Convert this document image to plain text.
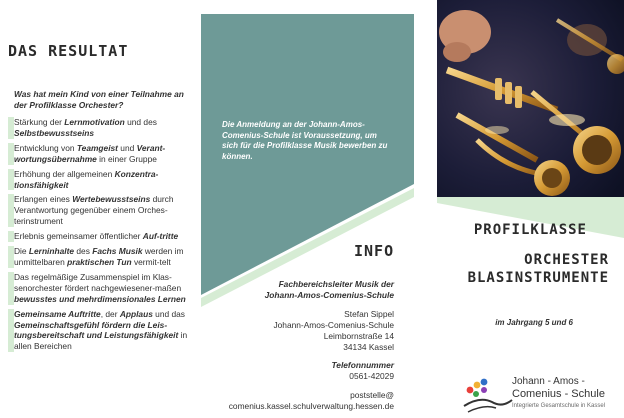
DAS RESULTAT
Was hat mein Kind von einer Teilnahme an
der Profilklasse Orchester?
Stärkung der Lernmotivation und des Selbstbewusstseins
Entwicklung von Teamgeist und Verant-wortungsübernahme in einer Gruppe
Erhöhung der allgemeinen Konzentra-tionsfähigkeit
Erlangen eines Wertebewusstseins durch Verantwortung gegenüber einem Orchesterinstrument
Erlebnis gemeinsamer öffentlicher Auf-tritte
Die Lerninhalte des Fachs Musik werden im unmittelbaren praktischen Tun vermit-telt
Das regelmäßige Zusammenspiel im Klas-senorchester fördert nachgewiesener-maßen bewusstes und mehrdimensionales Lernen
Gemeinsame Auftritte, der Applaus und das Gemeinschaftsgefühl fördern die Leis-tungsbereitschaft und Leistungsfähigkeit in allen Bereichen
Die Anmeldung an der Johann-Amos-Comenius-Schule ist Voraussetzung, um sich für die Profilklasse Musik bewerben zu können.
INFO
Fachbereichsleiter Musik der
Johann-Amos-Comenius-Schule
Stefan Sippel
Johann-Amos-Comenius-Schule
Leimbornstraße 14
34134 Kassel
Telefonnummer
0561-42029
poststelle@
comenius.kassel.schulverwaltung.hessen.de
PROFILKLASSE
ORCHESTER
BLASINSTRUMENTE
im Jahrgang 5 und 6
Johann - Amos -
Comenius - Schule
Integrierte Gesamtschule in Kassel
